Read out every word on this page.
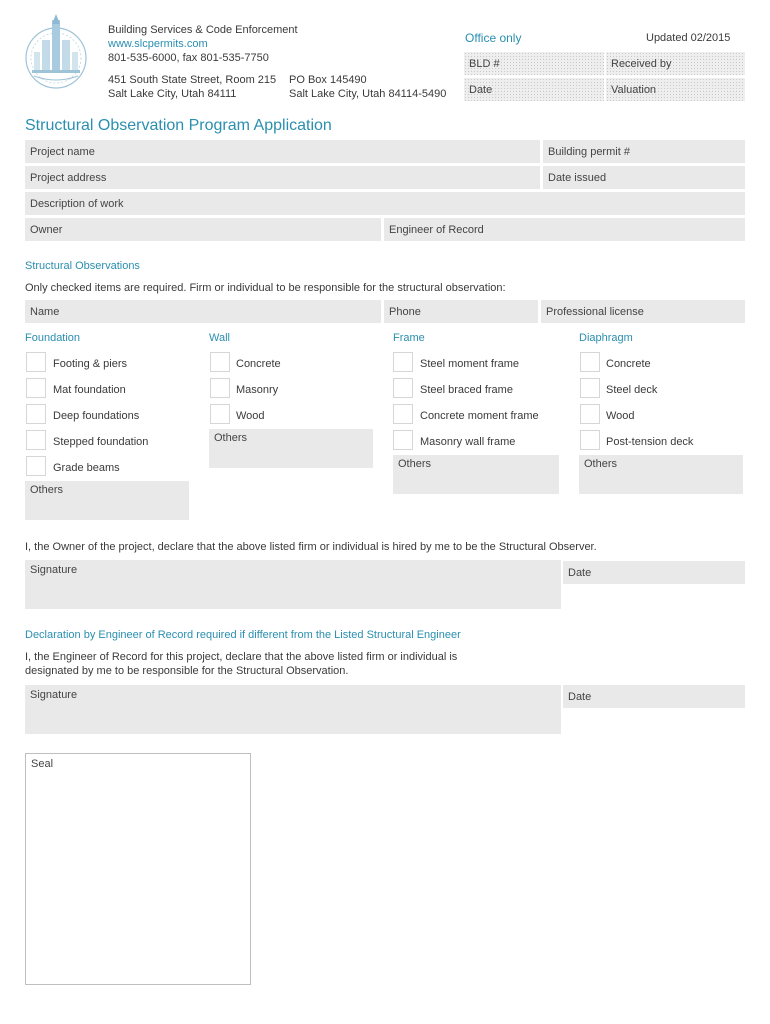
Building Services & Code Enforcement
www.slcpermits.com
801-535-6000, fax 801-535-7750
451 South State Street, Room 215
Salt Lake City, Utah 84111
PO Box 145490
Salt Lake City, Utah 84114-5490
Office only	Updated 02/2015
BLD #	Received by
Date	Valuation
Structural Observation Program Application
Project name	Building permit #
Project address	Date issued
Description of work
Owner	Engineer of Record
Structural Observations
Only checked items are required. Firm or individual to be responsible for the structural observation:
Name	Phone	Professional license
Foundation
Footing & piers
Mat foundation
Deep foundations
Stepped foundation
Grade beams
Others
Wall
Concrete
Masonry
Wood
Others
Frame
Steel moment frame
Steel braced frame
Concrete moment frame
Masonry wall frame
Others
Diaphragm
Concrete
Steel deck
Wood
Post-tension deck
Others
I, the Owner of the project, declare that the above listed firm or individual is hired by me to be the Structural Observer.
Signature	Date
Declaration by Engineer of Record required if different from the Listed Structural Engineer
I, the Engineer of Record for this project, declare that the above listed firm or individual is
designated by me to be responsible for the Structural Observation.
Signature	Date
Seal
